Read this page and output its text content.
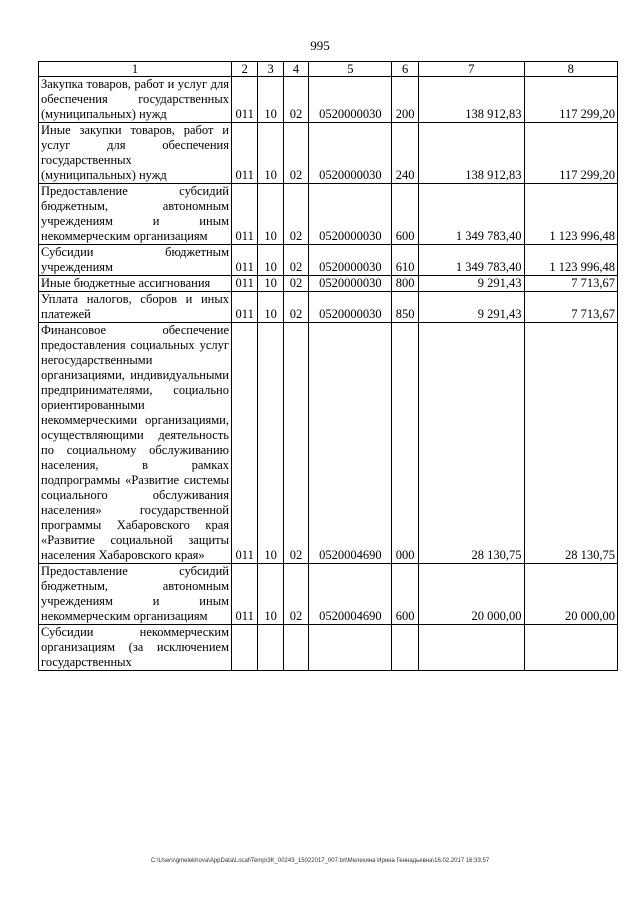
995
1	2	3	4	5	6	7	8
Закупка товаров, работ и услуг для обеспечения государственных (муниципальных) нужд	011	10	02	0520000030	200	138 912,83	117 299,20
Иные закупки товаров, работ и услуг для обеспечения государственных (муниципальных) нужд	011	10	02	0520000030	240	138 912,83	117 299,20
Предоставление субсидий бюджетным, автономным учреждениям и иным некоммерческим организациям	011	10	02	0520000030	600	1 349 783,40	1 123 996,48
Субсидии бюджетным учреждениям	011	10	02	0520000030	610	1 349 783,40	1 123 996,48
Иные бюджетные ассигнования	011	10	02	0520000030	800	9 291,43	7 713,67
Уплата налогов, сборов и иных платежей	011	10	02	0520000030	850	9 291,43	7 713,67
Финансовое обеспечение предоставления социальных услуг негосударственными организациями, индивидуальными предпринимателями, социально ориентированными некоммерческими организациями, осуществляющими деятельность по социальному обслуживанию населения, в рамках подпрограммы «Развитие системы социального обслуживания населения» государственной программы Хабаровского края «Развитие социальной защиты населения Хабаровского края»	011	10	02	0520004690	000	28 130,75	28 130,75
Предоставление субсидий бюджетным, автономным учреждениям и иным некоммерческим организациям	011	10	02	0520004690	600	20 000,00	20 000,00
Субсидии некоммерческим организациям (за исключением государственных							
C:\Users\gmelekhova\AppData\Local\Temp\3K_00243_15022017_007.txt\Мелехина Ирина Геннадьевна\16.02.2017 16:33:57
